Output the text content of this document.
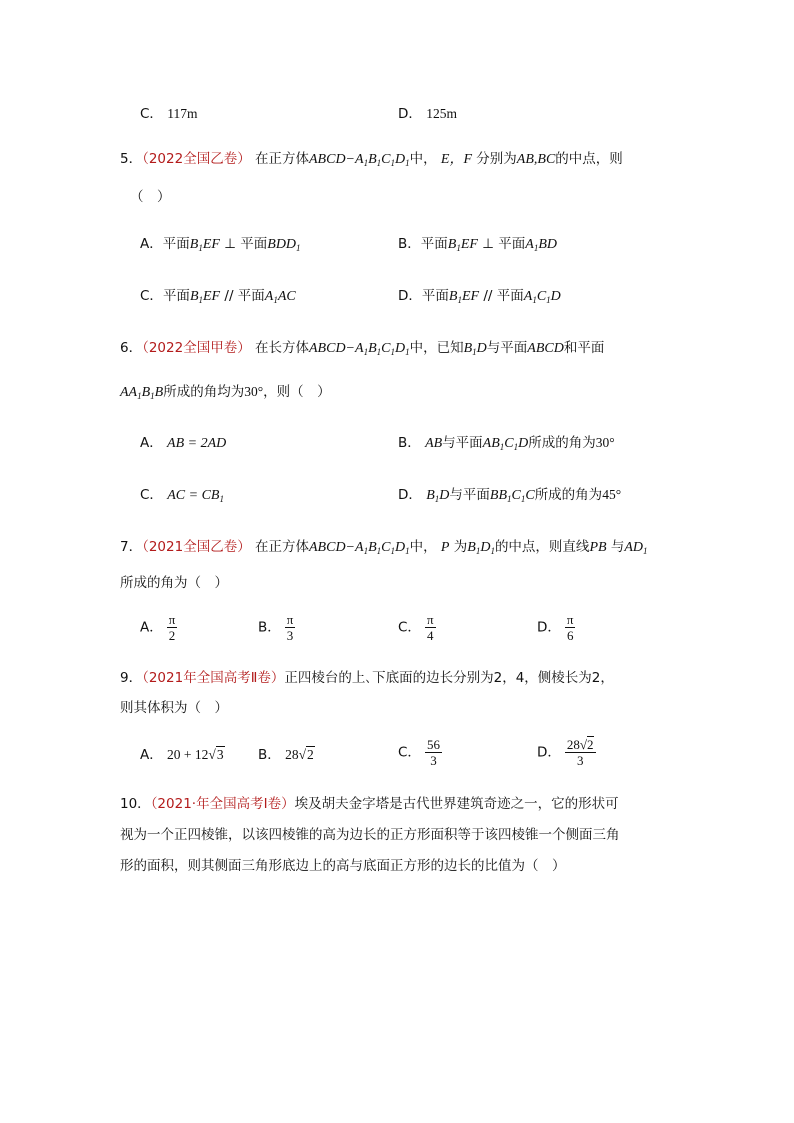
C． 117m	D． 125m
5．（2022全国乙卷） 在正方体$ABCD-A_1B_1C_1D_1$中， E，F 分别为AB,BC的中点，则
（　）
A．平面$B_1EF$ ⊥ 平面$BDD_1$	B．平面$B_1EF$ ⊥ 平面$A_1BD$
C．平面$B_1EF$ // 平面$A_1AC$	D．平面$B_1EF$ // 平面$A_1C_1D$
6．（2022全国甲卷） 在长方体$ABCD-A_1B_1C_1D_1$中，已知$B_1D$与平面ABCD和平面
$AA_1B_1B$所成的角均为30°，则（　）
A． AB = 2AD	B． AB与平面$AB_1C_1D$所成的角为30°
C． AC = $CB_1$	D． $B_1D$与平面$BB_1C_1C$所成的角为45°
7．（2021全国乙卷） 在正方体$ABCD-A_1B_1C_1D_1$中， P 为$B_1D_1$的中点，则直线PB 与$AD_1$
所成的角为（　）
A． $\frac{\pi}{2}$	B． $\frac{\pi}{3}$	C． $\frac{\pi}{4}$	D． $\frac{\pi}{6}$
9．（2021年全国高考Ⅱ卷）正四棱台的上､下底面的边长分别为2，4，侧棱长为2，
则其体积为（　）
A． 20 + 12√3	B． 28√2	C． $\frac{56}{3}$	D． $\frac{28√2}{3}$
10．（2021·年全国高考Ⅰ卷）埃及胡夫金字塔是古代世界建筑奇迹之一，它的形状可
视为一个正四棱锥，以该四棱锥的高为边长的正方形面积等于该四棱锥一个侧面三角
形的面积，则其侧面三角形底边上的高与底面正方形的边长的比值为（　）
